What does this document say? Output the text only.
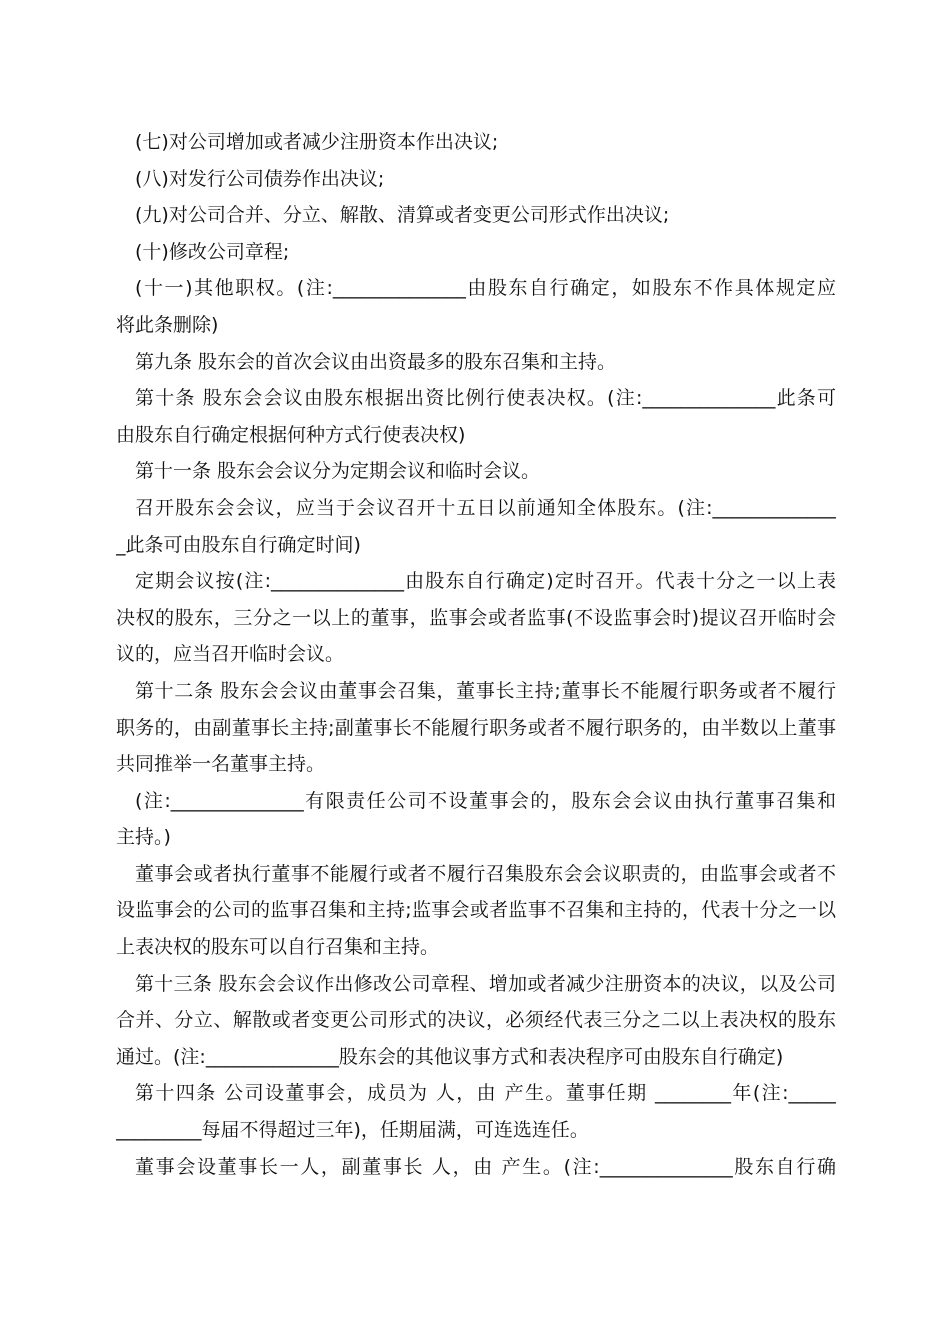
(七)对公司增加或者减少注册资本作出决议;
(八)对发行公司债券作出决议;
(九)对公司合并、分立、解散、清算或者变更公司形式作出决议;
(十)修改公司章程;
(十一)其他职权。(注:______________由股东自行确定，如股东不作具体规定应
将此条删除)
第九条 股东会的首次会议由出资最多的股东召集和主持。
第十条 股东会会议由股东根据出资比例行使表决权。(注:______________此条可
由股东自行确定根据何种方式行使表决权)
第十一条 股东会会议分为定期会议和临时会议。
召开股东会会议，应当于会议召开十五日以前通知全体股东。(注:_____________
_此条可由股东自行确定时间)
定期会议按(注:______________由股东自行确定)定时召开。代表十分之一以上表
决权的股东，三分之一以上的董事，监事会或者监事(不设监事会时)提议召开临时会
议的，应当召开临时会议。
第十二条 股东会会议由董事会召集，董事长主持;董事长不能履行职务或者不履行
职务的，由副董事长主持;副董事长不能履行职务或者不履行职务的，由半数以上董事
共同推举一名董事主持。
(注:______________有限责任公司不设董事会的，股东会会议由执行董事召集和
主持。)
董事会或者执行董事不能履行或者不履行召集股东会会议职责的，由监事会或者不
设监事会的公司的监事召集和主持;监事会或者监事不召集和主持的，代表十分之一以
上表决权的股东可以自行召集和主持。
第十三条 股东会会议作出修改公司章程、增加或者减少注册资本的决议，以及公司
合并、分立、解散或者变更公司形式的决议，必须经代表三分之二以上表决权的股东
通过。(注:______________股东会的其他议事方式和表决程序可由股东自行确定)
第十四条 公司设董事会，成员为 人，由 产生。董事任期 ________年(注:_____
_________每届不得超过三年)，任期届满，可连选连任。
董事会设董事长一人，副董事长 人，由 产生。(注:______________股东自行确
